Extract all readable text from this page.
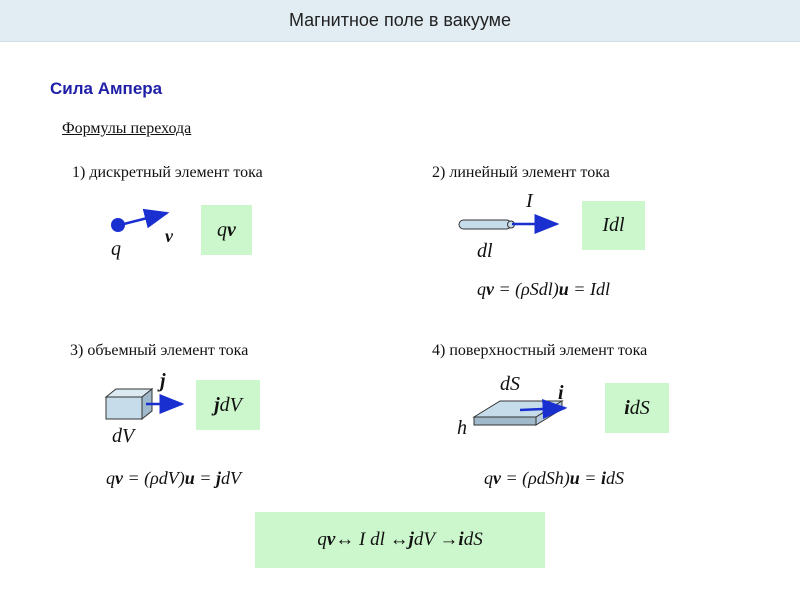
Магнитное поле в вакууме
Сила Ампера
Формулы перехода
1) дискретный элемент тока
q
v q v
2) линейный элемент тока
I
dl
Idl
qv = (ρSdl)u = Idl
3) объемный элемент тока
j
dV
j dV
qv = (ρdV)u = jdV
4) поверхностный элемент тока
dS i
h
i dS
qv = (ρdSh)u = idS
q v ↔ I dl ↔ j dV → i dS
